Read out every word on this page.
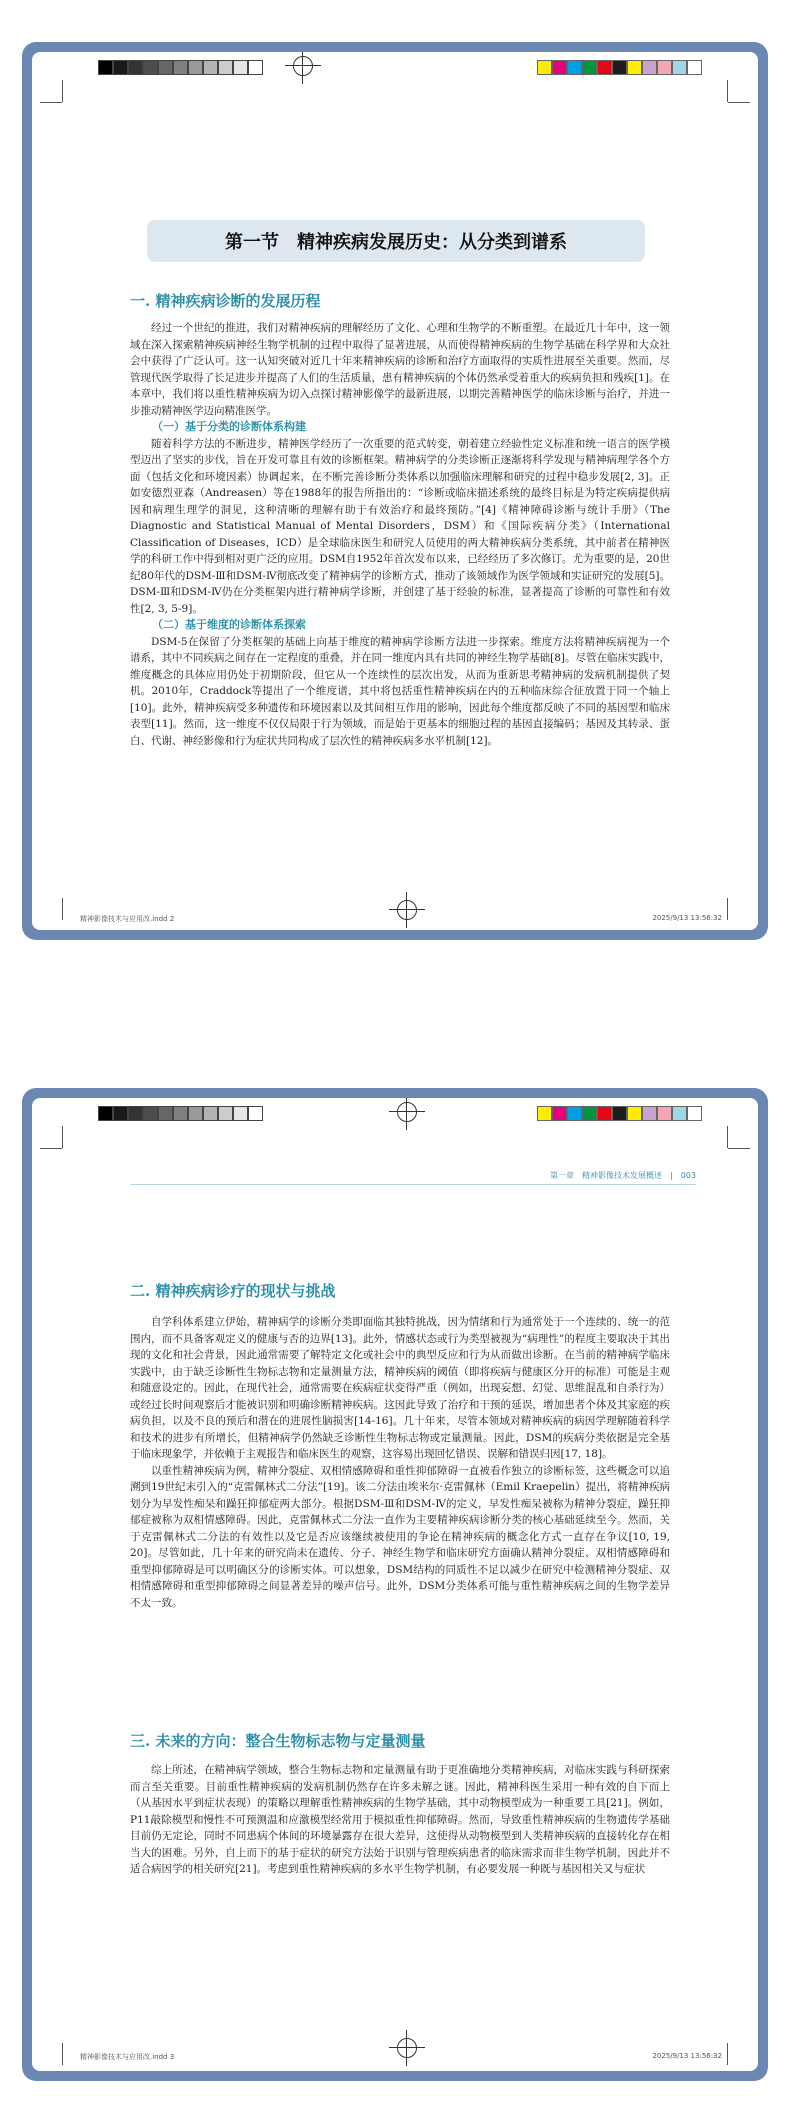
第一节　精神疾病发展历史：从分类到谱系
一. 精神疾病诊断的发展历程

经过一个世纪的推进，我们对精神疾病的理解经历了文化、心理和生物学的不断重塑。在最近几十年中，这一领域在深入探索精神疾病神经生物学机制的过程中取得了显著进展，从而使得精神疾病的生物学基础在科学界和大众社会中获得了广泛认可。这一认知突破对近几十年来精神疾病的诊断和治疗方面取得的实质性进展至关重要。然而，尽管现代医学取得了长足进步并提高了人们的生活质量，患有精神疾病的个体仍然承受着重大的疾病负担和残疾[1]。在本章中，我们将以重性精神疾病为切入点探讨精神影像学的最新进展，以期完善精神医学的临床诊断与治疗，并进一步推动精神医学迈向精准医学。

（一）基于分类的诊断体系构建

随着科学方法的不断进步，精神医学经历了一次重要的范式转变，朝着建立经验性定义标准和统一语言的医学模型迈出了坚实的步伐，旨在开发可靠且有效的诊断框架。精神病学的分类诊断正逐渐将科学发现与精神病理学各个方面（包括文化和环境因素）协调起来，在不断完善诊断分类体系以加强临床理解和研究的过程中稳步发展[2, 3]。正如安德烈亚森（Andreasen）等在1988年的报告所指出的：“诊断或临床描述系统的最终目标是为特定疾病提供病因和病理生理学的洞见，这种清晰的理解有助于有效治疗和最终预防。”[4]《精神障碍诊断与统计手册》（The Diagnostic and Statistical Manual of Mental Disorders，DSM）和《国际疾病分类》（International Classification of Diseases，ICD）是全球临床医生和研究人员使用的两大精神疾病分类系统，其中前者在精神医学的科研工作中得到相对更广泛的应用。DSM自1952年首次发布以来，已经经历了多次修订。尤为重要的是，20世纪80年代的DSM-Ⅲ和DSM-Ⅳ彻底改变了精神病学的诊断方式，推动了该领域作为医学领域和实证研究的发展[5]。DSM-Ⅲ和DSM-Ⅳ仍在分类框架内进行精神病学诊断，并创建了基于经验的标准，显著提高了诊断的可靠性和有效性[2, 3, 5-9]。

（二）基于维度的诊断体系探索

DSM-5在保留了分类框架的基础上向基于维度的精神病学诊断方法进一步探索。维度方法将精神疾病视为一个谱系，其中不同疾病之间存在一定程度的重叠，并在同一维度内具有共同的神经生物学基础[8]。尽管在临床实践中，维度概念的具体应用仍处于初期阶段，但它从一个连续性的层次出发，从而为重新思考精神病的发病机制提供了契机。2010年，Craddock等提出了一个维度谱，其中将包括重性精神疾病在内的五种临床综合征放置于同一个轴上[10]。此外，精神疾病受多种遗传和环境因素以及其间相互作用的影响，因此每个维度都反映了不同的基因型和临床表型[11]。然而，这一维度不仅仅局限于行为领域，而是始于更基本的细胞过程的基因直接编码；基因及其转录、蛋白、代谢、神经影像和行为症状共同构成了层次性的精神疾病多水平机制[12]。

精神影像技术与应用改.indd 2	2025/9/13 13:56:32
第一章　精神影像技术发展概述　|　003
二. 精神疾病诊疗的现状与挑战

自学科体系建立伊始，精神病学的诊断分类即面临其独特挑战，因为情绪和行为通常处于一个连续的、统一的范围内，而不具备客观定义的健康与否的边界[13]。此外，情感状态或行为类型被视为“病理性”的程度主要取决于其出现的文化和社会背景，因此通常需要了解特定文化或社会中的典型反应和行为从而做出诊断。在当前的精神病学临床实践中，由于缺乏诊断性生物标志物和定量测量方法，精神疾病的阈值（即将疾病与健康区分开的标准）可能是主观和随意设定的。因此，在现代社会，通常需要在疾病症状变得严重（例如，出现妄想、幻觉、思维混乱和自杀行为）或经过长时间观察后才能被识别和明确诊断精神疾病。这因此导致了治疗和干预的延误，增加患者个体及其家庭的疾病负担，以及不良的预后和潜在的进展性脑损害[14-16]。几十年来，尽管本领域对精神疾病的病因学理解随着科学和技术的进步有所增长，但精神病学仍然缺乏诊断性生物标志物或定量测量。因此，DSM的疾病分类依据是完全基于临床现象学，并依赖于主观报告和临床医生的观察，这容易出现回忆错误、误解和错误归因[17, 18]。

以重性精神疾病为例，精神分裂症、双相情感障碍和重性抑郁障碍一直被看作独立的诊断标签，这些概念可以追溯到19世纪末引入的“克雷佩林式二分法”[19]。该二分法由埃米尔·克雷佩林（Emil Kraepelin）提出，将精神疾病划分为早发性痴呆和躁狂抑郁症两大部分。根据DSM-Ⅲ和DSM-Ⅳ的定义，早发性痴呆被称为精神分裂症，躁狂抑郁症被称为双相情感障碍。因此，克雷佩林式二分法一直作为主要精神疾病诊断分类的核心基础延续至今。然而，关于克雷佩林式二分法的有效性以及它是否应该继续被使用的争论在精神疾病的概念化方式一直存在争议[10, 19, 20]。尽管如此，几十年来的研究尚未在遗传、分子、神经生物学和临床研究方面确认精神分裂症、双相情感障碍和重型抑郁障碍是可以明确区分的诊断实体。可以想象，DSM结构的同质性不足以减少在研究中检测精神分裂症、双相情感障碍和重型抑郁障碍之间显著差异的噪声信号。此外，DSM分类体系可能与重性精神疾病之间的生物学差异不太一致。

三. 未来的方向：整合生物标志物与定量测量

综上所述，在精神病学领域，整合生物标志物和定量测量有助于更准确地分类精神疾病，对临床实践与科研探索而言至关重要。目前重性精神疾病的发病机制仍然存在许多未解之谜。因此，精神科医生采用一种有效的自下而上（从基因水平到症状表现）的策略以理解重性精神疾病的生物学基础，其中动物模型成为一种重要工具[21]。例如，P11敲除模型和慢性不可预测温和应激模型经常用于模拟重性抑郁障碍。然而，导致重性精神疾病的生物遗传学基础目前仍无定论，同时不同患病个体间的环境暴露存在很大差异，这使得从动物模型到人类精神疾病的直接转化存在相当大的困难。另外，自上而下的基于症状的研究方法始于识别与管理疾病患者的临床需求而非生物学机制，因此并不适合病因学的相关研究[21]。考虑到重性精神疾病的多水平生物学机制，有必要发展一种既与基因相关又与症状

精神影像技术与应用改.indd 3	2025/9/13 13:56:32
